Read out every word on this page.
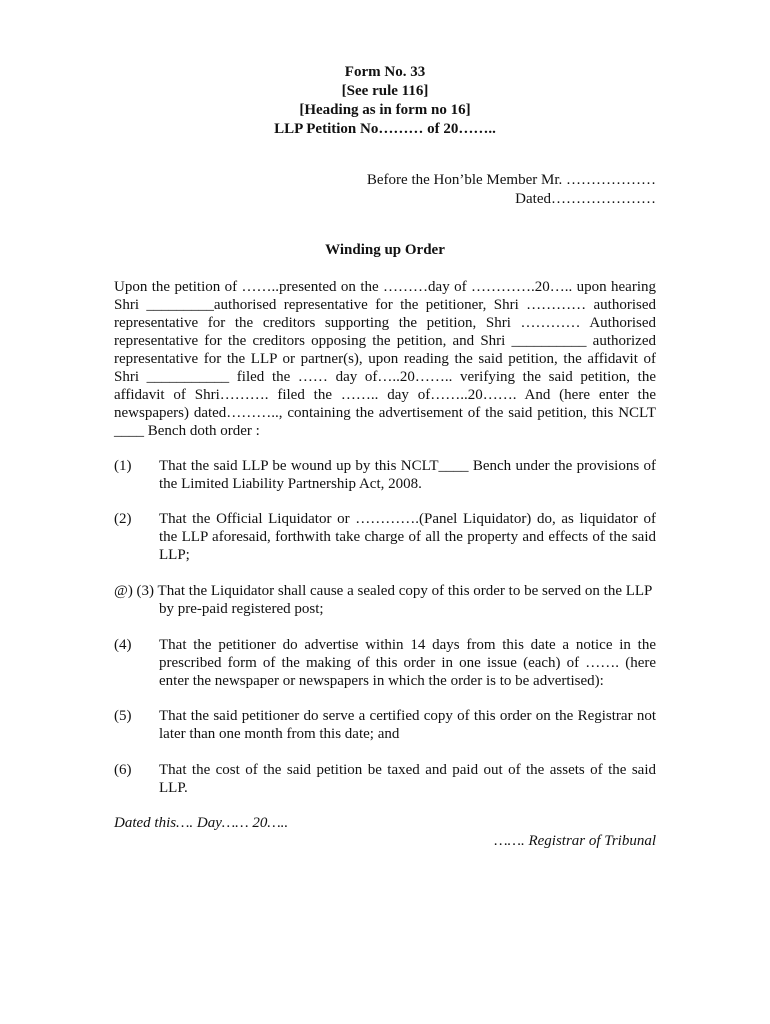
Form No. 33
[See rule 116]
[Heading as in form no 16]
LLP Petition No……… of 20……..
Before the Hon’ble Member Mr. ………………
Dated…………………
Winding up Order
Upon the petition of ……..presented on the ………day of ………….20….. upon hearing Shri _________authorised representative for the petitioner, Shri ………… authorised representative for the creditors supporting the petition, Shri ………… Authorised representative for the creditors opposing the petition, and Shri __________ authorized representative for the LLP or partner(s), upon reading the said petition, the affidavit of Shri ___________ filed the …… day of…..20…….. verifying the said petition, the affidavit of Shri………. filed the …….. day of……..20……. And (here enter the newspapers) dated……….., containing the advertisement of the said petition, this NCLT ____ Bench doth order :
(1) That the said LLP be wound up by this NCLT____ Bench under the provisions of the Limited Liability Partnership Act, 2008.
(2) That the Official Liquidator or ………….(Panel Liquidator) do, as liquidator of the LLP aforesaid, forthwith take charge of all the property and effects of the said LLP;
@) (3) That the Liquidator shall cause a sealed copy of this order to be served on the LLP
by pre-paid registered post;
(4) That the petitioner do advertise within 14 days from this date a notice in the prescribed form of the making of this order in one issue (each) of ……. (here enter the newspaper or newspapers in which the order is to be advertised):
(5) That the said petitioner do serve a certified copy of this order on the Registrar not later than one month from this date; and
(6) That the cost of the said petition be taxed and paid out of the assets of the said LLP.
Dated this…. Day…… 20…..
……. Registrar of Tribunal
